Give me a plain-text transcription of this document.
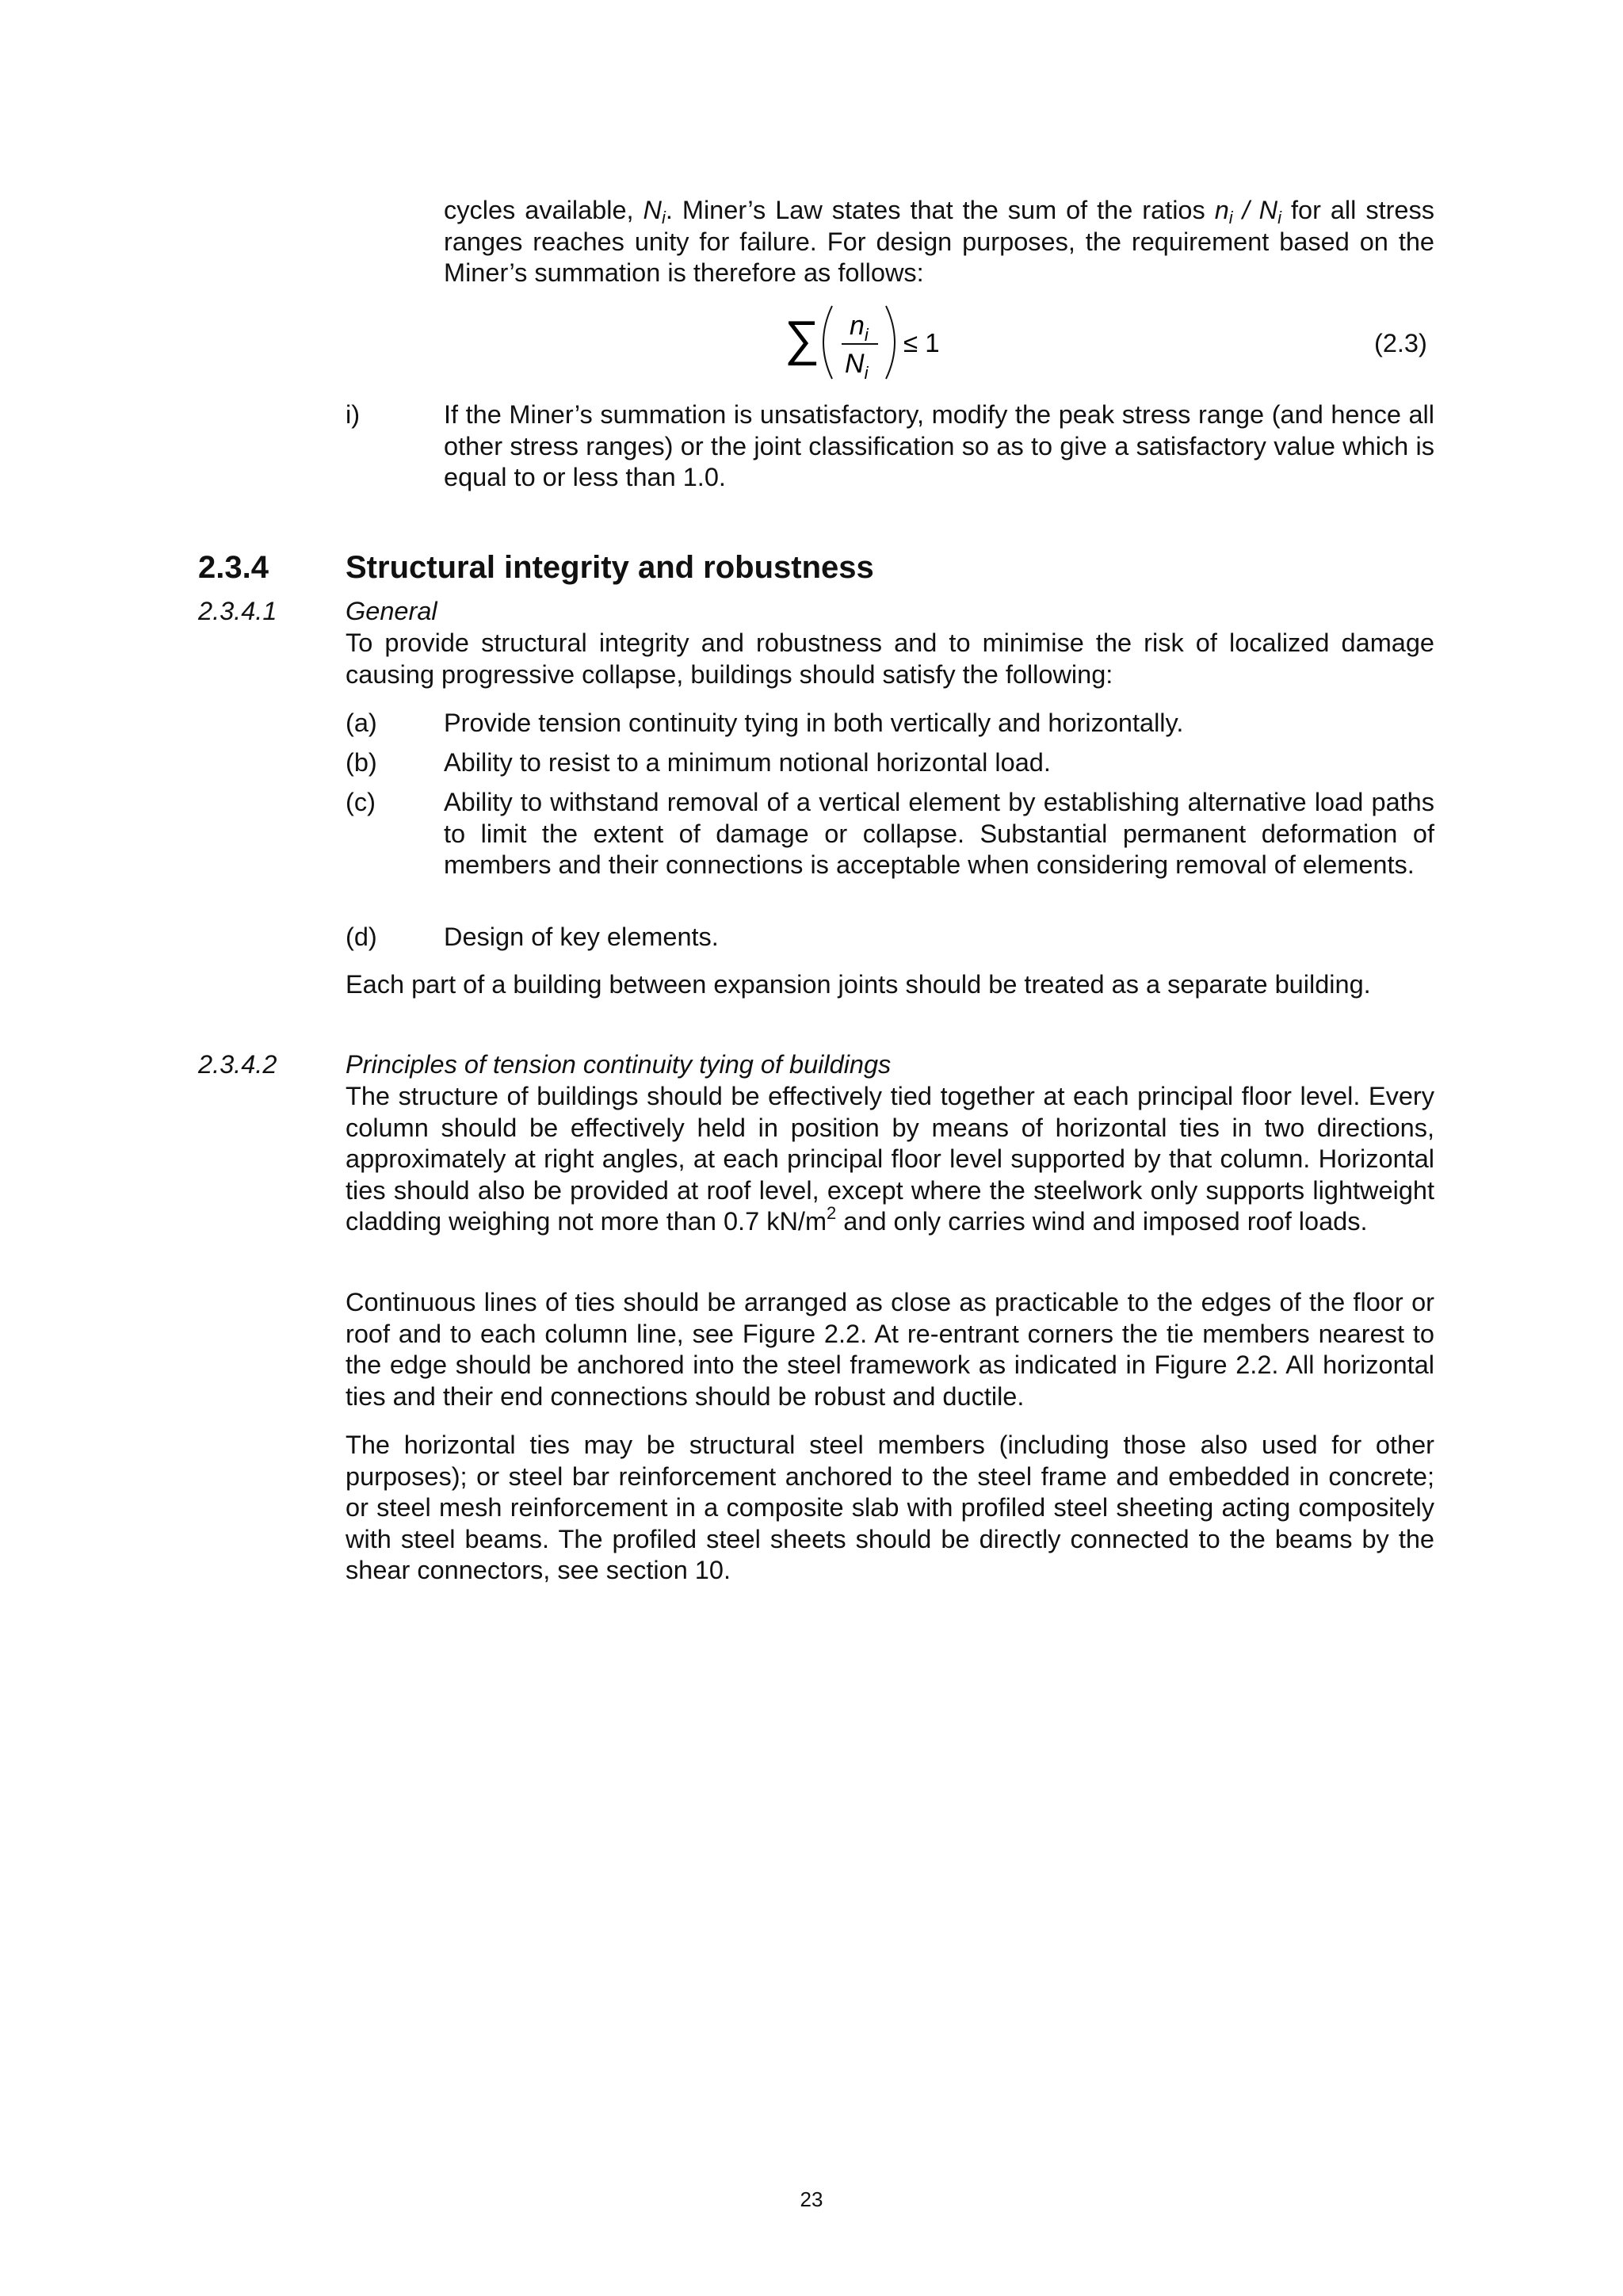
cycles available, $N_i$. Miner’s Law states that the sum of the ratios $n_i / N_i$ for all stress ranges reaches unity for failure. For design purposes, the requirement based on the Miner’s summation is therefore as follows:

∑ $n_i$
$N_i$
≤ 1	(2.3)
i)	If the Miner’s summation is unsatisfactory, modify the peak stress range (and hence all other stress ranges) or the joint classification so as to give a satisfactory value which is equal to or less than 1.0.

2.3.4 Structural integrity and robustness
2.3.4.1	General

To provide structural integrity and robustness and to minimise the risk of localized damage causing progressive collapse, buildings should satisfy the following:

(a)	Provide tension continuity tying in both vertically and horizontally.

(b)	Ability to resist to a minimum notional horizontal load.

(c)	Ability to withstand removal of a vertical element by establishing alternative load paths to limit the extent of damage or collapse. Substantial permanent deformation of members and their connections is acceptable when considering removal of elements.

(d)	Design of key elements.

Each part of a building between expansion joints should be treated as a separate building.

2.3.4.2	Principles of tension continuity tying of buildings

The structure of buildings should be effectively tied together at each principal floor level. Every column should be effectively held in position by means of horizontal ties in two directions, approximately at right angles, at each principal floor level supported by that column. Horizontal ties should also be provided at roof level, except where the steelwork only supports lightweight cladding weighing not more than 0.7 $kN/m^2$ and only carries wind and imposed roof loads.

Continuous lines of ties should be arranged as close as practicable to the edges of the floor or roof and to each column line, see Figure 2.2. At re-entrant corners the tie members nearest to the edge should be anchored into the steel framework as indicated in Figure 2.2. All horizontal ties and their end connections should be robust and ductile.

The horizontal ties may be structural steel members (including those also used for other purposes); or steel bar reinforcement anchored to the steel frame and embedded in concrete; or steel mesh reinforcement in a composite slab with profiled steel sheeting acting compositely with steel beams. The profiled steel sheets should be directly connected to the beams by the shear connectors, see section 10.

23
